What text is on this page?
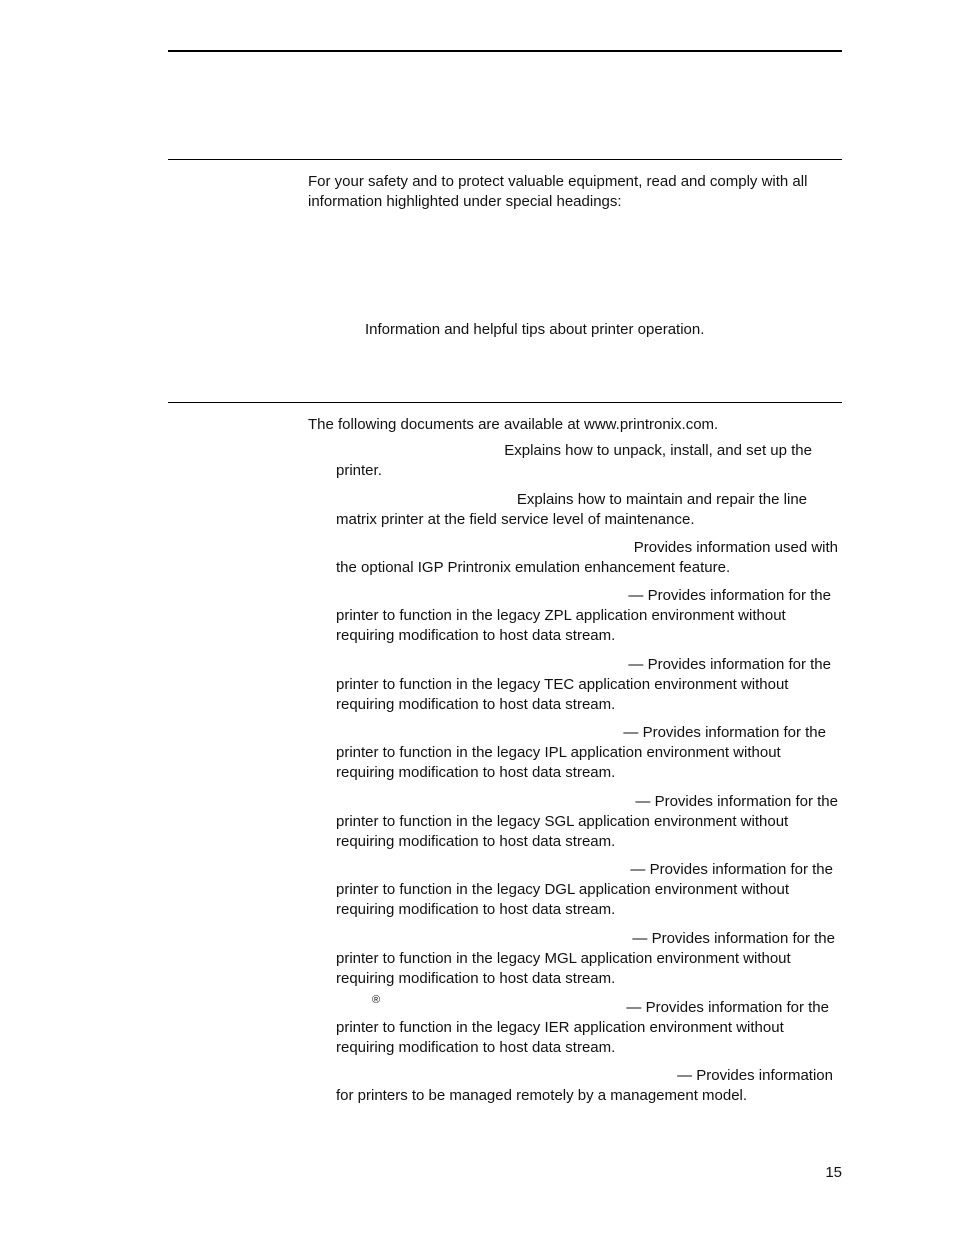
For your safety and to protect valuable equipment, read and comply with all information highlighted under special headings:
Information and helpful tips about printer operation.
The following documents are available at www.printronix.com.
Explains how to unpack, install, and set up the
printer.
Explains how to maintain and repair the line
matrix printer at the field service level of maintenance.
Provides information used with
the optional IGP Printronix emulation enhancement feature.
— Provides information for the
printer to function in the legacy ZPL application environment without requiring modification to host data stream.
— Provides information for the
printer to function in the legacy TEC application environment without requiring modification to host data stream.
— Provides information for the
printer to function in the legacy IPL application environment without requiring modification to host data stream.
— Provides information for the
printer to function in the legacy SGL application environment without requiring modification to host data stream.
— Provides information for the
printer to function in the legacy DGL application environment without requiring modification to host data stream.
— Provides information for the
printer to function in the legacy MGL application environment without requiring modification to host data stream.
— Provides information for the
printer to function in the legacy IER application environment without requiring modification to host data stream.
— Provides information
for printers to be managed remotely by a management model.
®
15
